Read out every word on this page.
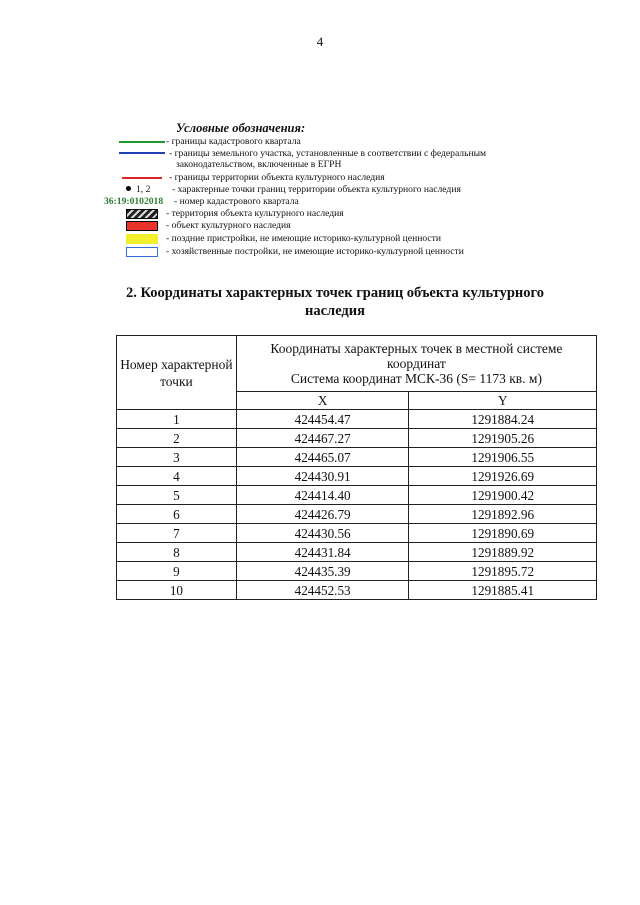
4
Условные обозначения:
- границы кадастрового квартала
- границы земельного участка, установленные в соответствии с федеральным
законодательством, включенные в ЕГРН
- границы территории объекта культурного наследия
1, 2 - характерные точки границ территории объекта культурного наследия
36:19:0102018 - номер кадастрового квартала
- территория объекта культурного наследия
- объект культурного наследия
- поздние пристройки, не имеющие историко-культурной ценности
- хозяйственные постройки, не имеющие историко-культурной ценности
2. Координаты характерных точек границ объекта культурного
наследия
Номер характерной точки	Координаты характерных точек в местной системе
координат
Система координат МСК-36 (S= 1173 кв. м)	

	X	Y
1	424454.47	1291884.24
2	424467.27	1291905.26
3	424465.07	1291906.55
4	424430.91	1291926.69
5	424414.40	1291900.42
6	424426.79	1291892.96
7	424430.56	1291890.69
8	424431.84	1291889.92
9	424435.39	1291895.72
10	424452.53	1291885.41
